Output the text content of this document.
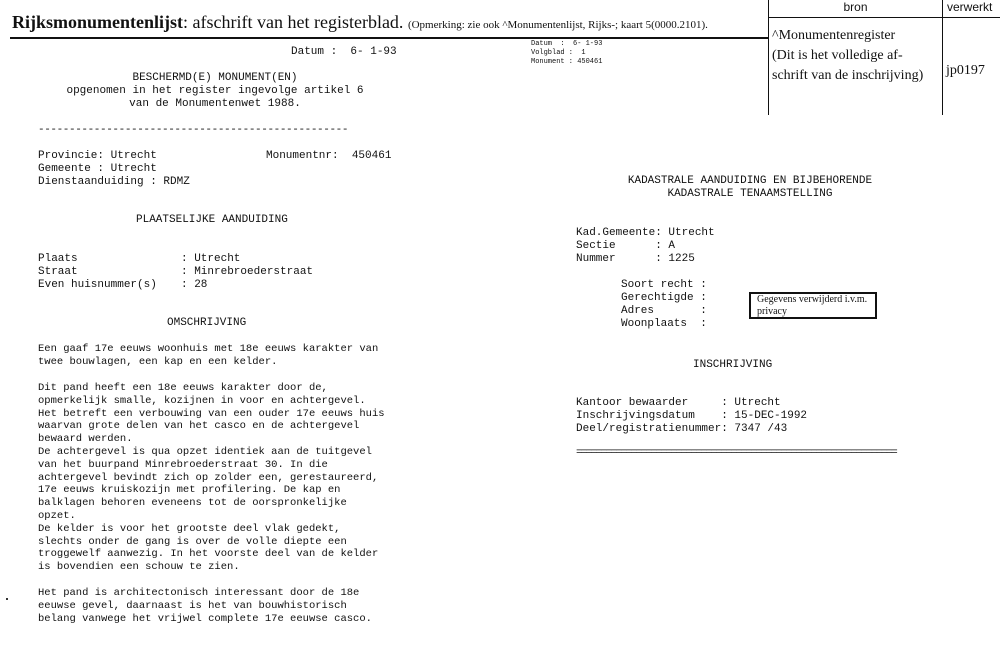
Rijksmonumentenlijst: afschrift van het registerblad. (Opmerking: zie ook ^Monumentenlijst, Rijks-; kaart 5(0000.2101).
bron	verwerkt
^Monumentenregister
(Dit is het volledige af-
schrift van de inschrijving)	jp0197
Datum :  6- 1-93
BESCHERMD(E) MONUMENT(EN)
opgenomen in het register ingevolge artikel 6
van de Monumentenwet 1988.
--------------------------------------------------
Provincie: Utrecht	Monumentnr:  450461
Gemeente : Utrecht
Dienstaanduiding : RDMZ
PLAATSELIJKE AANDUIDING
Plaats	: Utrecht
Straat	: Minrebroederstraat
Even huisnummer(s) : 28
OMSCHRIJVING
Een gaaf 17e eeuws woonhuis met 18e eeuws karakter van
twee bouwlagen, een kap en een kelder.
Dit pand heeft een 18e eeuws karakter door de,
opmerkelijk smalle, kozijnen in voor en achtergevel.
Het betreft een verbouwing van een ouder 17e eeuws huis
waarvan grote delen van het casco en de achtergevel
bewaard werden.
De achtergevel is qua opzet identiek aan de tuitgevel
van het buurpand Minrebroederstraat 30. In die
achtergevel bevindt zich op zolder een, gerestaureerd,
17e eeuws kruiskozijn met profilering. De kap en
balklagen behoren eveneens tot de oorspronkelijke
opzet.
De kelder is voor het grootste deel vlak gedekt,
slechts onder de gang is over de volle diepte een
troggewelf aanwezig. In het voorste deel van de kelder
is bovendien een schouw te zien.
Het pand is architectonisch interessant door de 18e
eeuwse gevel, daarnaast is het van bouwhistorisch
belang vanwege het vrijwel complete 17e eeuwse casco.
Datum  :  6- 1-93
Volgblad :  1
Monument : 450461
KADASTRALE AANDUIDING EN BIJBEHORENDE
KADASTRALE TENAAMSTELLING
Kad.Gemeente: Utrecht
Sectie      : A
Nummer      : 1225
Soort recht :
Gerechtigde :
Adres       :
Woonplaats  :
Gegevens verwijderd i.v.m.
privacy
INSCHRIJVING
Kantoor bewaarder     : Utrecht
Inschrijvingsdatum    : 15-DEC-1992
Deel/registratienummer: 7347 /43
================================================================
